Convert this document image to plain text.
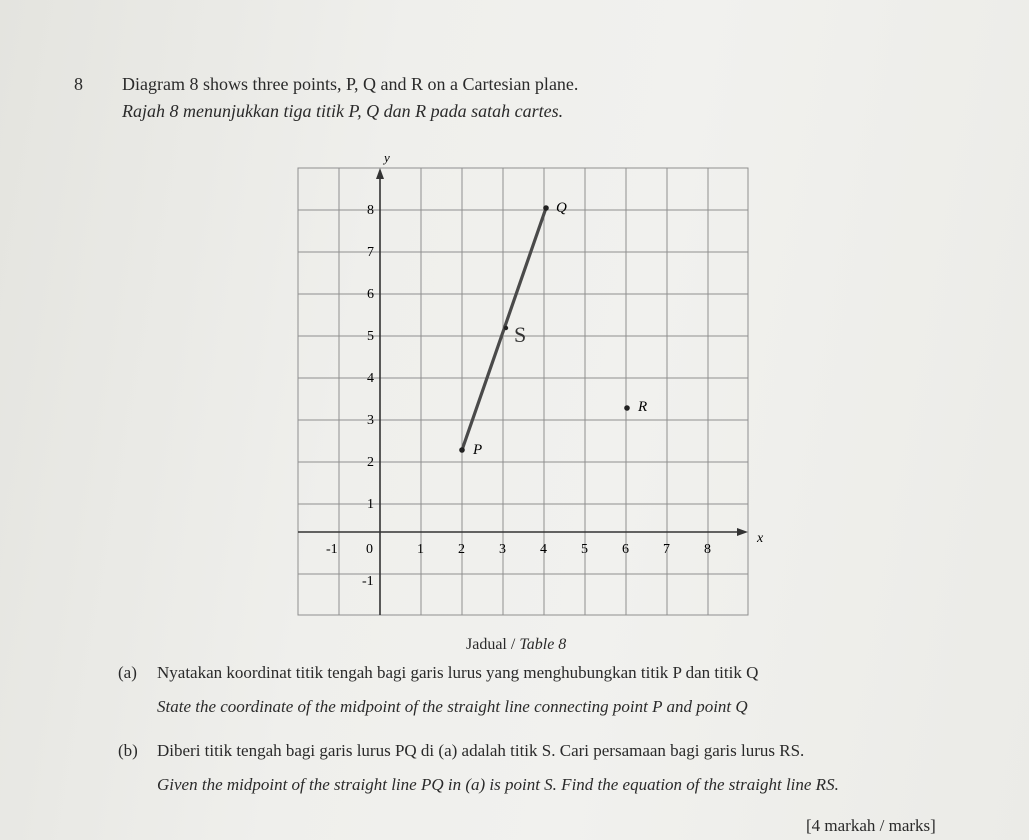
8 Diagram 8 shows three points, P, Q and R on a Cartesian plane.
Rajah 8 menunjukkan tiga titik P, Q dan R pada satah cartes.
y
x
-1 0	1 2 3 4 5 6 7 8
8
7
6
5
4
3
2
1
-1
Q
P
R
S
Jadual / Table 8
(a) Nyatakan koordinat titik tengah bagi garis lurus yang menghubungkan titik P dan titik Q
State the coordinate of the midpoint of the straight line connecting point P and point Q
(b) Diberi titik tengah bagi garis lurus PQ di (a) adalah titik S. Cari persamaan bagi garis lurus RS.
Given the midpoint of the straight line PQ in (a) is point S. Find the equation of the straight line RS.
[4 markah / marks]
